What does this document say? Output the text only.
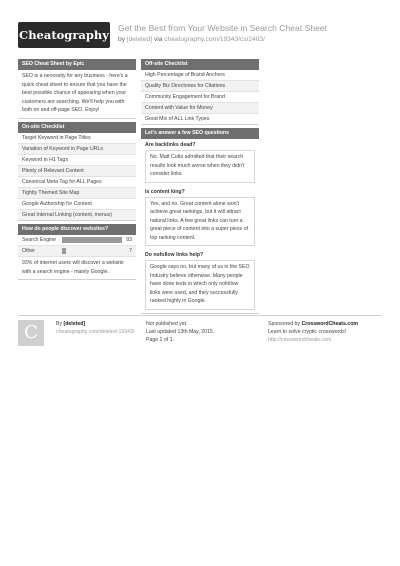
Cheatography Get the Best from Your Website in Search Cheat Sheet
by [deleted] via cheatography.com/19343/cs/2403/
SEO Cheat Sheet by Epic
SEO is a necessity for any business - here's a quick cheat sheet to ensure that you have the best possible chance of appearing when your customers are searching. We'll help you with both on and off-page SEO. Enjoy!
On-site Checklist
Target Keyword in Page Titles
Variation of Keyword in Page URLs
Keyword in H1 Tags
Plenty of Relevant Content
Canonical Meta Tag for ALL Pages
Tightly Themed Site Map
Google Authorship for Content
Great Internal Linking (content, menus)
How do people discover websites?
Search Engine	93
Other	7
93% of internet users will discover a website with a search engine - mainly Google.
Off-site Checklist
High Percentage of Brand Anchors
Quality Biz Directories for Citations
Community Engagement for Brand
Content with Value for Money
Good Mix of ALL Link Types
Let's answer a few SEO questions
Are backlinks dead?
No. Matt Cutts admitted that their search results look much worse when they didn't consider links.
Is content king?
Yes, and no. Great content alone won't achieve great rankings, but it will attract natural links. A few great links can turn a great piece of content into a super piece of top ranking content.
Do nofollow links help?
Google says no, but many of us in the SEO Industry believe otherwise. Many people have done tests in which only nofollow links were used, and they successfully ranked highly in Google.
C	By [deleted]
cheatography.com/deleted-19343/
Not published yet.
Last updated 13th May, 2015.
Page 1 of 1.
Sponsored by CrosswordCheats.com
Learn to solve cryptic crosswords!
http://crosswordcheats.com
